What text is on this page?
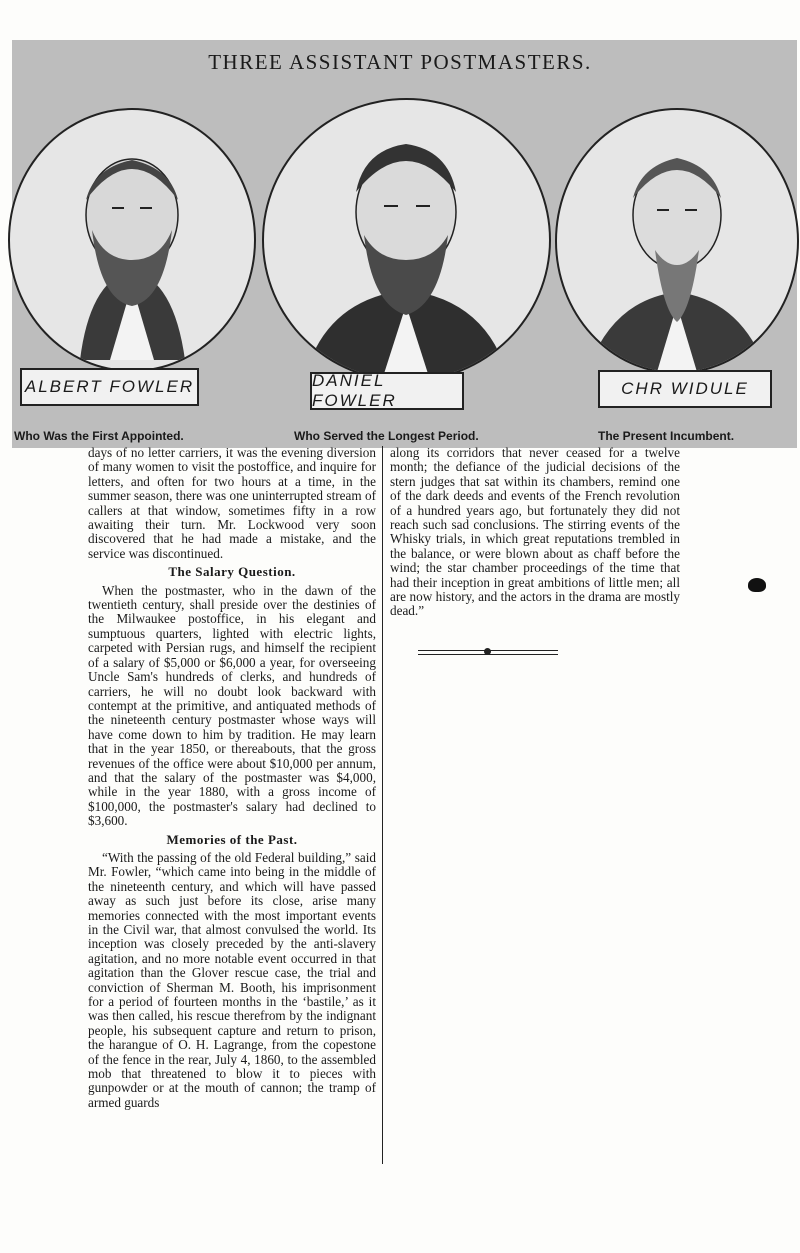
THREE ASSISTANT POSTMASTERS.
ALBERT FOWLER	DANIEL FOWLER
CHR WIDULE
Who Was the First Appointed.	Who Served the Longest Period.	The Present Incumbent.

days of no letter carriers, it was the evening diversion of many women to visit the postoffice, and inquire for letters, and often for two hours at a time, in the summer season, there was one uninterrupted stream of callers at that window, sometimes fifty in a row awaiting their turn. Mr. Lockwood very soon discovered that he had made a mistake, and the service was discontinued.

The Salary Question.

When the postmaster, who in the dawn of the twentieth century, shall preside over the destinies of the Milwaukee postoffice, in his elegant and sumptuous quarters, lighted with electric lights, carpeted with Persian rugs, and himself the recipient of a salary of $5,000 or $6,000 a year, for overseeing Uncle Sam's hundreds of clerks, and hundreds of carriers, he will no doubt look backward with contempt at the primitive, and antiquated methods of the nineteenth century postmaster whose ways will have come down to him by tradition. He may learn that in the year 1850, or thereabouts, that the gross revenues of the office were about $10,000 per annum, and that the salary of the postmaster was $4,000, while in the year 1880, with a gross income of $100,000, the postmaster's salary had declined to $3,600.

Memories of the Past.

“With the passing of the old Federal building,” said Mr. Fowler, “which came into being in the middle of the nineteenth century, and which will have passed away as such just before its close, arise many memories connected with the most important events in the Civil war, that almost convulsed the world. Its inception was closely preceded by the anti-slavery agitation, and no more notable event occurred in that agitation than the Glover rescue case, the trial and conviction of Sherman M. Booth, his imprisonment for a period of fourteen months in the ‘bastile,’ as it was then called, his rescue therefrom by the indignant people, his subsequent capture and return to prison, the harangue of O. H. Lagrange, from the copestone of the fence in the rear, July 4, 1860, to the assembled mob that threatened to blow it to pieces with gunpowder or at the mouth of cannon; the tramp of armed guards

along its corridors that never ceased for a twelve month; the defiance of the judicial decisions of the stern judges that sat within its chambers, remind one of the dark deeds and events of the French revolution of a hundred years ago, but fortunately they did not reach such sad conclusions. The stirring events of the Whisky trials, in which great reputations trembled in the balance, or were blown about as chaff before the wind; the star chamber proceedings of the time that had their inception in great ambitions of little men; all are now history, and the actors in the drama are mostly dead.”
